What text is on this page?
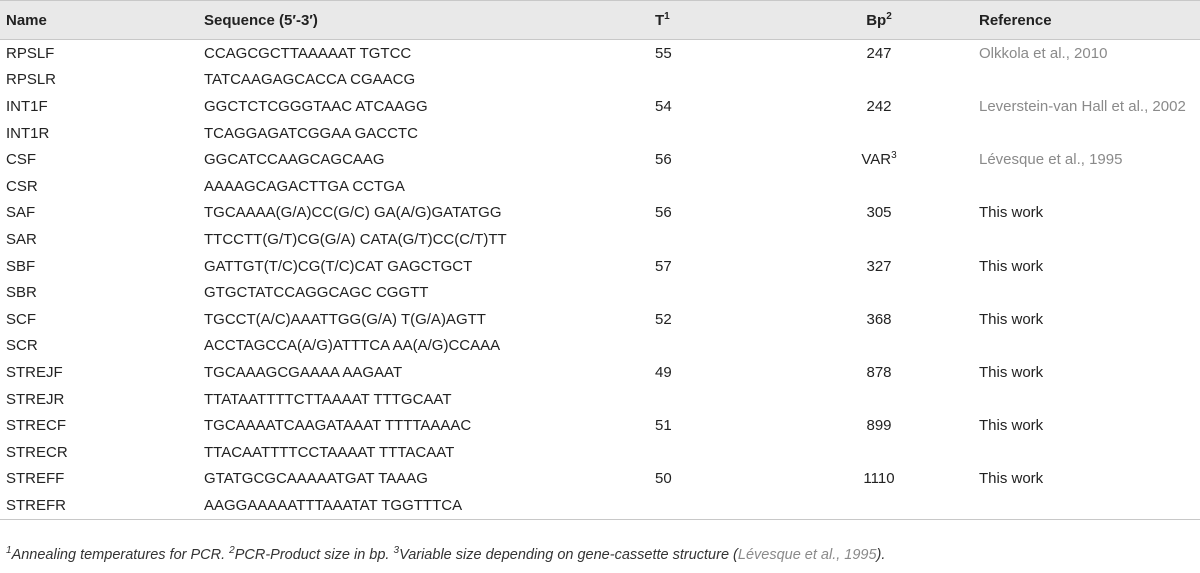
Name	Sequence (5′-3′)	$T^1$	Bp$^2$	Reference
RPSLF	CCAGCGCTTAAAAAT TGTCC	55	247	Olkkola et al., 2010
RPSLR	TATCAAGAGCACCA CGAACG			
INT1F	GGCTCTCGGGTAAC ATCAAGG	54	242	Leverstein-van Hall et al., 2002
INT1R	TCAGGAGATCGGAA GACCTC			
CSF	GGCATCCAAGCAGCAAG	56	VAR$^3$	Lévesque et al., 1995
CSR	AAAAGCAGACTTGA CCTGA			
SAF	TGCAAAA(G/A)CC(G/C) GA(A/G)GATATGG	56	305	This work
SAR	TTCCTT(G/T)CG(G/A) CATA(G/T)CC(C/T)TT			
SBF	GATTGT(T/C)CG(T/C)CAT GAGCTGCT	57	327	This work
SBR	GTGCTATCCAGGCAGC CGGTT			
SCF	TGCCT(A/C)AAATTGG(G/A) T(G/A)AGTT	52	368	This work
SCR	ACCTAGCCA(A/G)ATTTCA AA(A/G)CCAAA			
STREJF	TGCAAAGCGAAAA AAGAAT	49	878	This work
STREJR	TTATAATTTTCTTAAAAT TTTGCAAT			
STRECF	TGCAAAATCAAGATAAAT TTTTAAAAC	51	899	This work
STRECR	TTACAATTTTCCTAAAAT TTTACAAT			
STREFF	GTATGCGCAAAAATGAT TAAAG	50	1110	This work
STREFR	AAGGAAAAATTTAAATAT TGGTTTCA			
$^1$Annealing temperatures for PCR. $^2$PCR-Product size in bp. $^3$Variable size depending on gene-cassette structure (Lévesque et al., 1995).
